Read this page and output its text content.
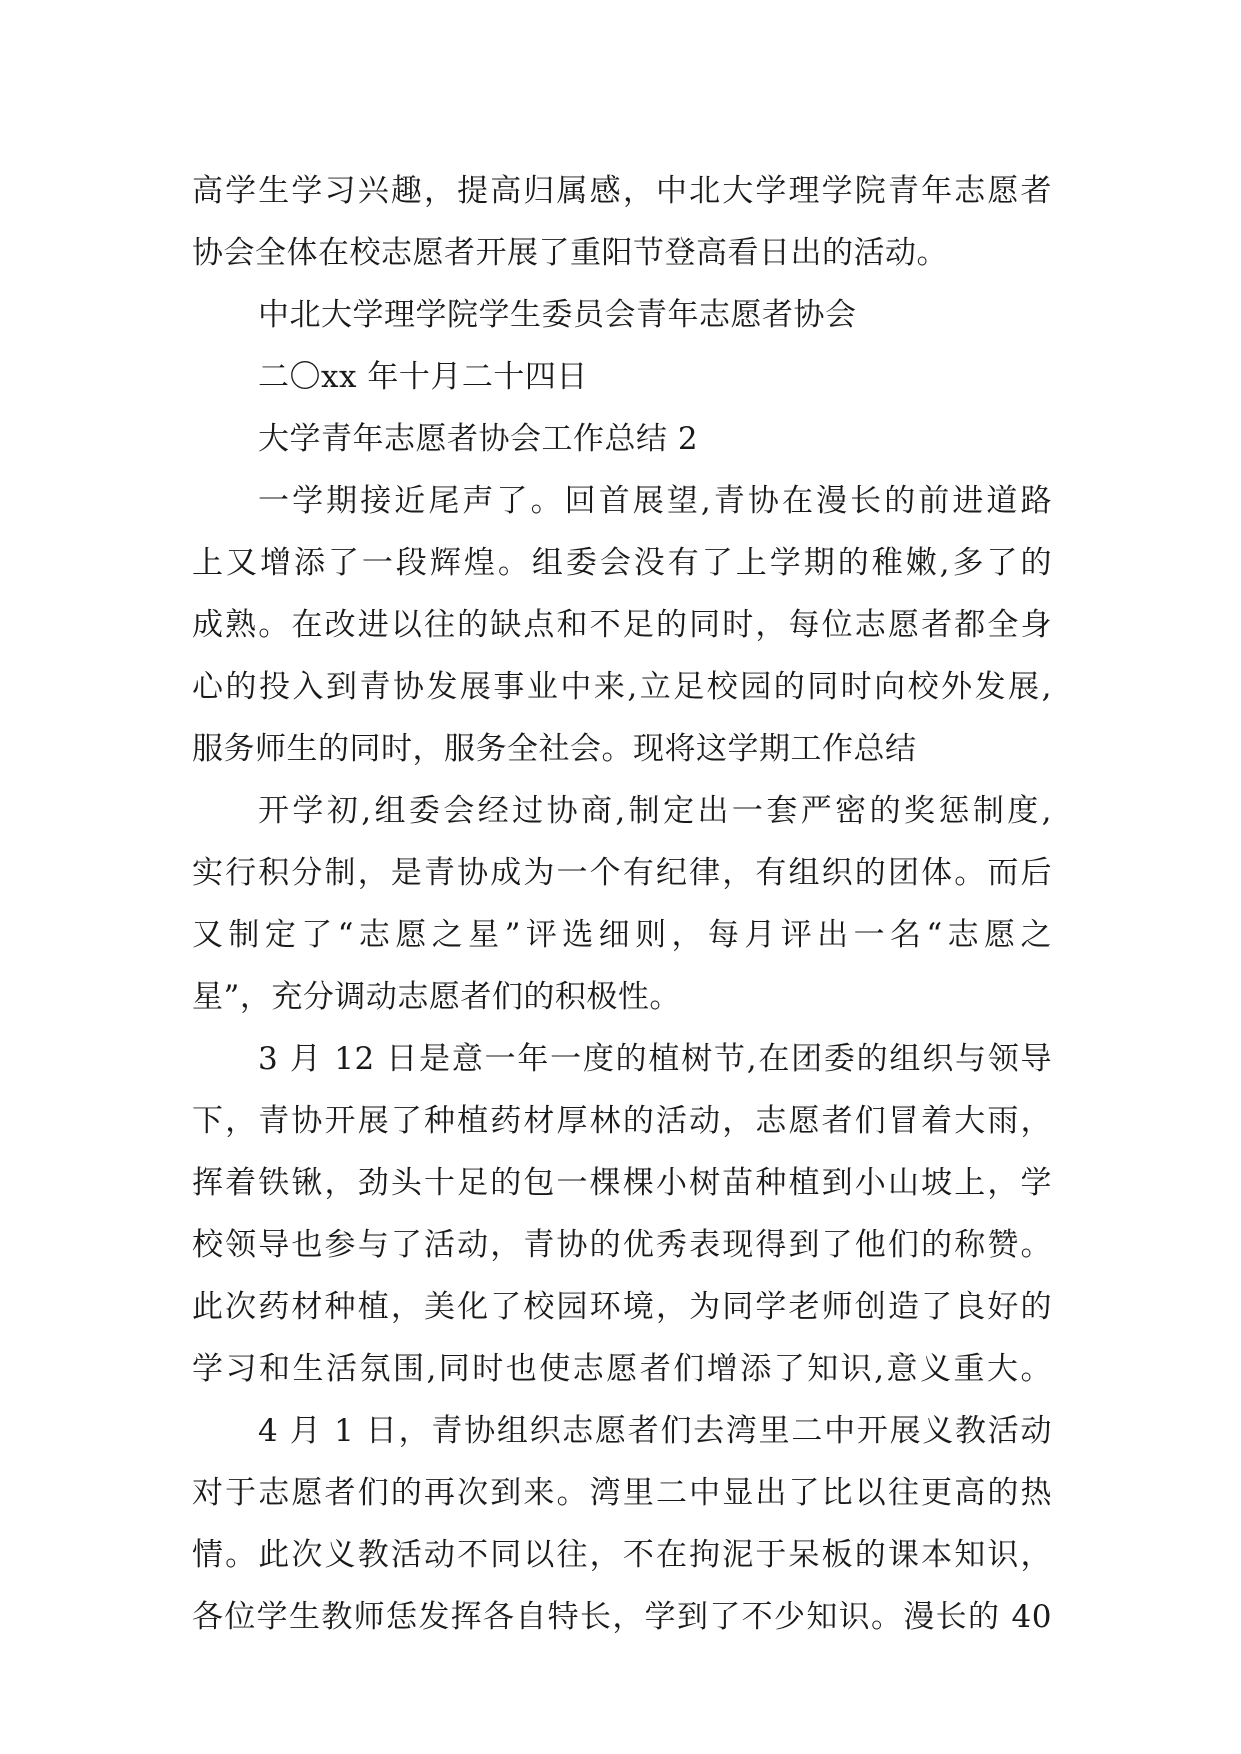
高学生学习兴趣，提高归属感，中北大学理学院青年志愿者
协会全体在校志愿者开展了重阳节登高看日出的活动。
中北大学理学院学生委员会青年志愿者协会
二〇xx 年十月二十四日
大学青年志愿者协会工作总结 2
一学期接近尾声了。回首展望,青协在漫长的前进道路
上又增添了一段辉煌。组委会没有了上学期的稚嫩,多了的
成熟。在改进以往的缺点和不足的同时，每位志愿者都全身
心的投入到青协发展事业中来,立足校园的同时向校外发展,
服务师生的同时，服务全社会。现将这学期工作总结
开学初,组委会经过协商,制定出一套严密的奖惩制度,
实行积分制，是青协成为一个有纪律，有组织的团体。而后
又制定了“志愿之星”评选细则，每月评出一名“志愿之
星”，充分调动志愿者们的积极性。
3 月 12 日是意一年一度的植树节,在团委的组织与领导
下，青协开展了种植药材厚林的活动，志愿者们冒着大雨，
挥着铁锹，劲头十足的包一棵棵小树苗种植到小山坡上，学
校领导也参与了活动，青协的优秀表现得到了他们的称赞。
此次药材种植，美化了校园环境，为同学老师创造了良好的
学习和生活氛围,同时也使志愿者们增添了知识,意义重大。
4 月 1 日，青协组织志愿者们去湾里二中开展义教活动
对于志愿者们的再次到来。湾里二中显出了比以往更高的热
情。此次义教活动不同以往，不在拘泥于呆板的课本知识，
各位学生教师恁发挥各自特长，学到了不少知识。漫长的 40
